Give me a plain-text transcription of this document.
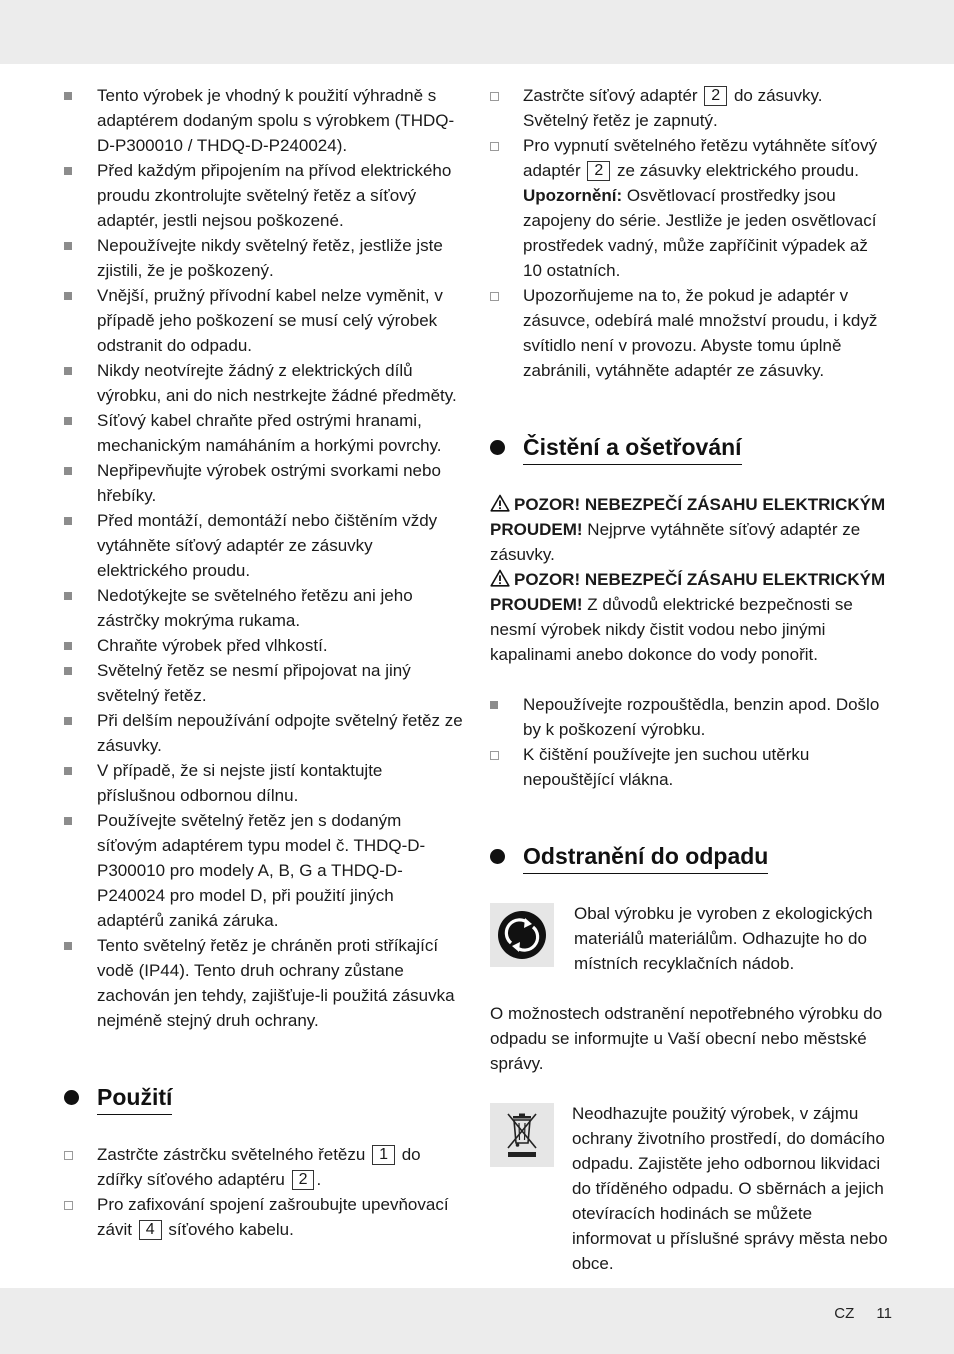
Tento výrobek je vhodný k použití výhradně s adaptérem dodaným spolu s výrobkem (THDQ-D-P300010 / THDQ-D-P240024).
Před každým připojením na přívod elektrického proudu zkontrolujte světelný řetěz a síťový adaptér, jestli nejsou poškozené.
Nepoužívejte nikdy světelný řetěz, jestliže jste zjistili, že je poškozený.
Vnější, pružný přívodní kabel nelze vyměnit, v případě jeho poškození se musí celý výrobek odstranit do odpadu.
Nikdy neotvírejte žádný z elektrických dílů výrobku, ani do nich nestrkejte žádné předměty.
Síťový kabel chraňte před ostrými hranami, mechanickým namáháním a horkými povrchy.
Nepřipevňujte výrobek ostrými svorkami nebo hřebíky.
Před montáží, demontáží nebo čištěním vždy vytáhněte síťový adaptér ze zásuvky elektrického proudu.
Nedotýkejte se světelného řetězu ani jeho zástrčky mokrýma rukama.
Chraňte výrobek před vlhkostí.
Světelný řetěz se nesmí připojovat na jiný světelný řetěz.
Při delším nepoužívání odpojte světelný řetěz ze zásuvky.
V případě, že si nejste jistí kontaktujte příslušnou odbornou dílnu.
Používejte světelný řetěz jen s dodaným síťovým adaptérem typu model č. THDQ-D-P300010 pro modely A, B, G a THDQ-D-P240024 pro model D, při použití jiných adaptérů zaniká záruka.
Tento světelný řetěz je chráněn proti stříkající vodě (IP44). Tento druh ochrany zůstane zachován jen tehdy, zajišťuje-li použitá zásuvka nejméně stejný druh ochrany.
Použití
Zastrčte zástrčku světelného řetězu 1 do zdířky síťového adaptéru 2 .
Pro zafixování spojení zašroubujte upevňovací závit 4 síťového kabelu.
Zastrčte síťový adaptér 2 do zásuvky. Světelný řetěz je zapnutý.
Pro vypnutí světelného řetězu vytáhněte síťový adaptér 2 ze zásuvky elektrického proudu. Upozornění: Osvětlovací prostředky jsou zapojeny do série. Jestliže je jeden osvětlovací prostředek vadný, může zapříčinit výpadek až 10 ostatních.
Upozorňujeme na to, že pokud je adaptér v zásuvce, odebírá malé množství proudu, i když svítidlo není v provozu. Abyste tomu úplně zabránili, vytáhněte adaptér ze zásuvky.
Čistění a ošetřování

POZOR! NEBEZPEČÍ ZÁSAHU ELEKTRICKÝM PROUDEM! Nejprve vytáhněte síťový adaptér ze zásuvky.

POZOR! NEBEZPEČÍ ZÁSAHU ELEKTRICKÝM PROUDEM! Z důvodů elektrické bezpečnosti se nesmí výrobek nikdy čistit vodou nebo jinými kapalinami anebo dokonce do vody ponořit.

Nepoužívejte rozpouštědla, benzin apod. Došlo by k poškození výrobku.
K čištění používejte jen suchou utěrku nepouštějící vlákna.
Odstranění do odpadu

Obal výrobku je vyroben z ekologických materiálů materiálům. Odhazujte ho do místních recyklačních nádob.

O možnostech odstranění nepotřebného výrobku do odpadu se informujte u Vaší obecní nebo městské správy.

Neodhazujte použitý výrobek, v zájmu ochrany životního prostředí, do domácího odpadu. Zajistěte jeho odbornou likvidaci do tříděného odpadu. O sběrnách a jejich otevíracích hodinách se můžete informovat u příslušné správy města nebo obce.

CZ 11
